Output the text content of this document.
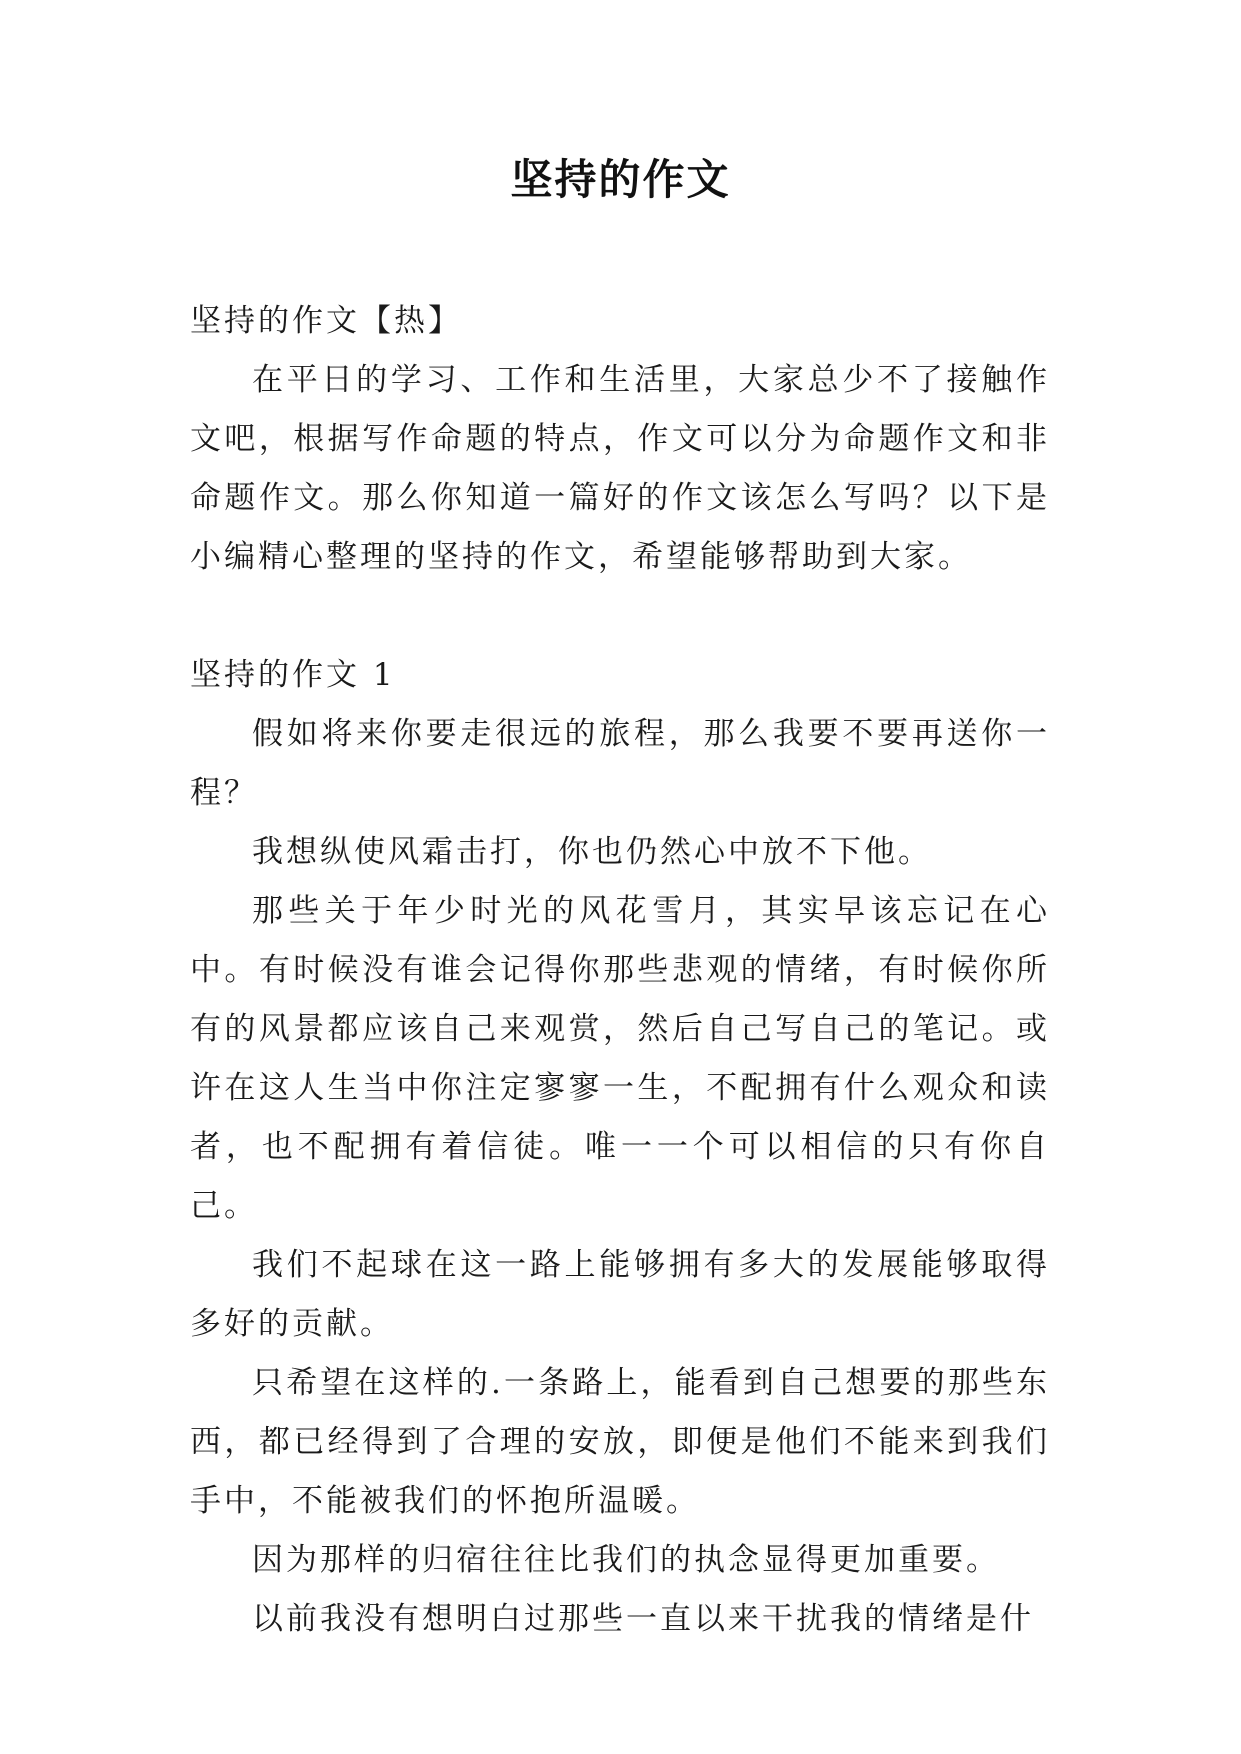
坚持的作文

坚持的作文【热】

在平日的学习、工作和生活里，大家总少不了接触作文吧，根据写作命题的特点，作文可以分为命题作文和非命题作文。那么你知道一篇好的作文该怎么写吗？以下是小编精心整理的坚持的作文，希望能够帮助到大家。

坚持的作文 1

假如将来你要走很远的旅程，那么我要不要再送你一程？

我想纵使风霜击打，你也仍然心中放不下他。

那些关于年少时光的风花雪月，其实早该忘记在心中。有时候没有谁会记得你那些悲观的情绪，有时候你所有的风景都应该自己来观赏，然后自己写自己的笔记。或许在这人生当中你注定寥寥一生，不配拥有什么观众和读者，也不配拥有着信徒。唯一一个可以相信的只有你自己。

我们不起球在这一路上能够拥有多大的发展能够取得多好的贡献。

只希望在这样的.一条路上，能看到自己想要的那些东西，都已经得到了合理的安放，即便是他们不能来到我们手中，不能被我们的怀抱所温暖。

因为那样的归宿往往比我们的执念显得更加重要。

以前我没有想明白过那些一直以来干扰我的情绪是什
